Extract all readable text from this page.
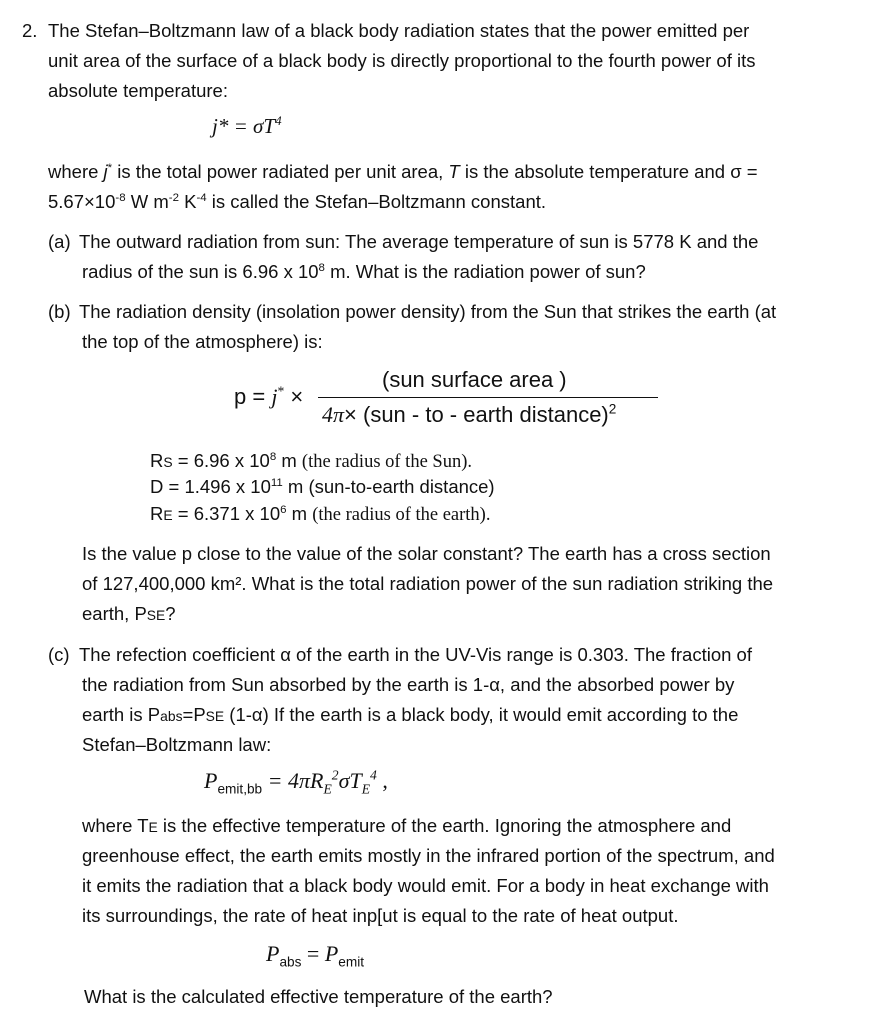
2. The Stefan–Boltzmann law of a black body radiation states that the power emitted per
unit area of the surface of a black body is directly proportional to the fourth power of its
absolute temperature:
$j* = \sigma T^4$
where j* is the total power radiated per unit area, T is the absolute temperature and σ =
$5.67\times 10^{-8}$ W $m^{-2}$ $K^{-4}$ is called the Stefan–Boltzmann constant.
(a) The outward radiation from sun: The average temperature of sun is 5778 K and the
radius of the sun is 6.96 x $10^8$ m. What is the radiation power of sun?
(b) The radiation density (insolation power density) from the Sun that strikes the earth (at
the top of the atmosphere) is:
p = j* ×
(sun surface area )
4π× (sun - to - earth distance)$^2$
RS = 6.96 x $10^8$ m (the radius of the Sun).
D = 1.496 x $10^{11}$ m (sun-to-earth distance)
RE = 6.371 x $10^6$ m (the radius of the earth).
Is the value p close to the value of the solar constant? The earth has a cross section
of 127,400,000 km². What is the total radiation power of the sun radiation striking the
earth, PSE?
(c) The refection coefficient α of the earth in the UV-Vis range is 0.303. The fraction of
the radiation from Sun absorbed by the earth is 1-α, and the absorbed power by
earth is Pabs=PSE (1-α) If the earth is a black body, it would emit according to the
Stefan–Boltzmann law:
$P_{emit,bb} = 4\pi R_E^2\sigma T_E^4$ ,
where TE is the effective temperature of the earth. Ignoring the atmosphere and
greenhouse effect, the earth emits mostly in the infrared portion of the spectrum, and
it emits the radiation that a black body would emit. For a body in heat exchange with
its surroundings, the rate of heat inp[ut is equal to the rate of heat output.
$P_{abs} = P_{emit}$
What is the calculated effective temperature of the earth?
